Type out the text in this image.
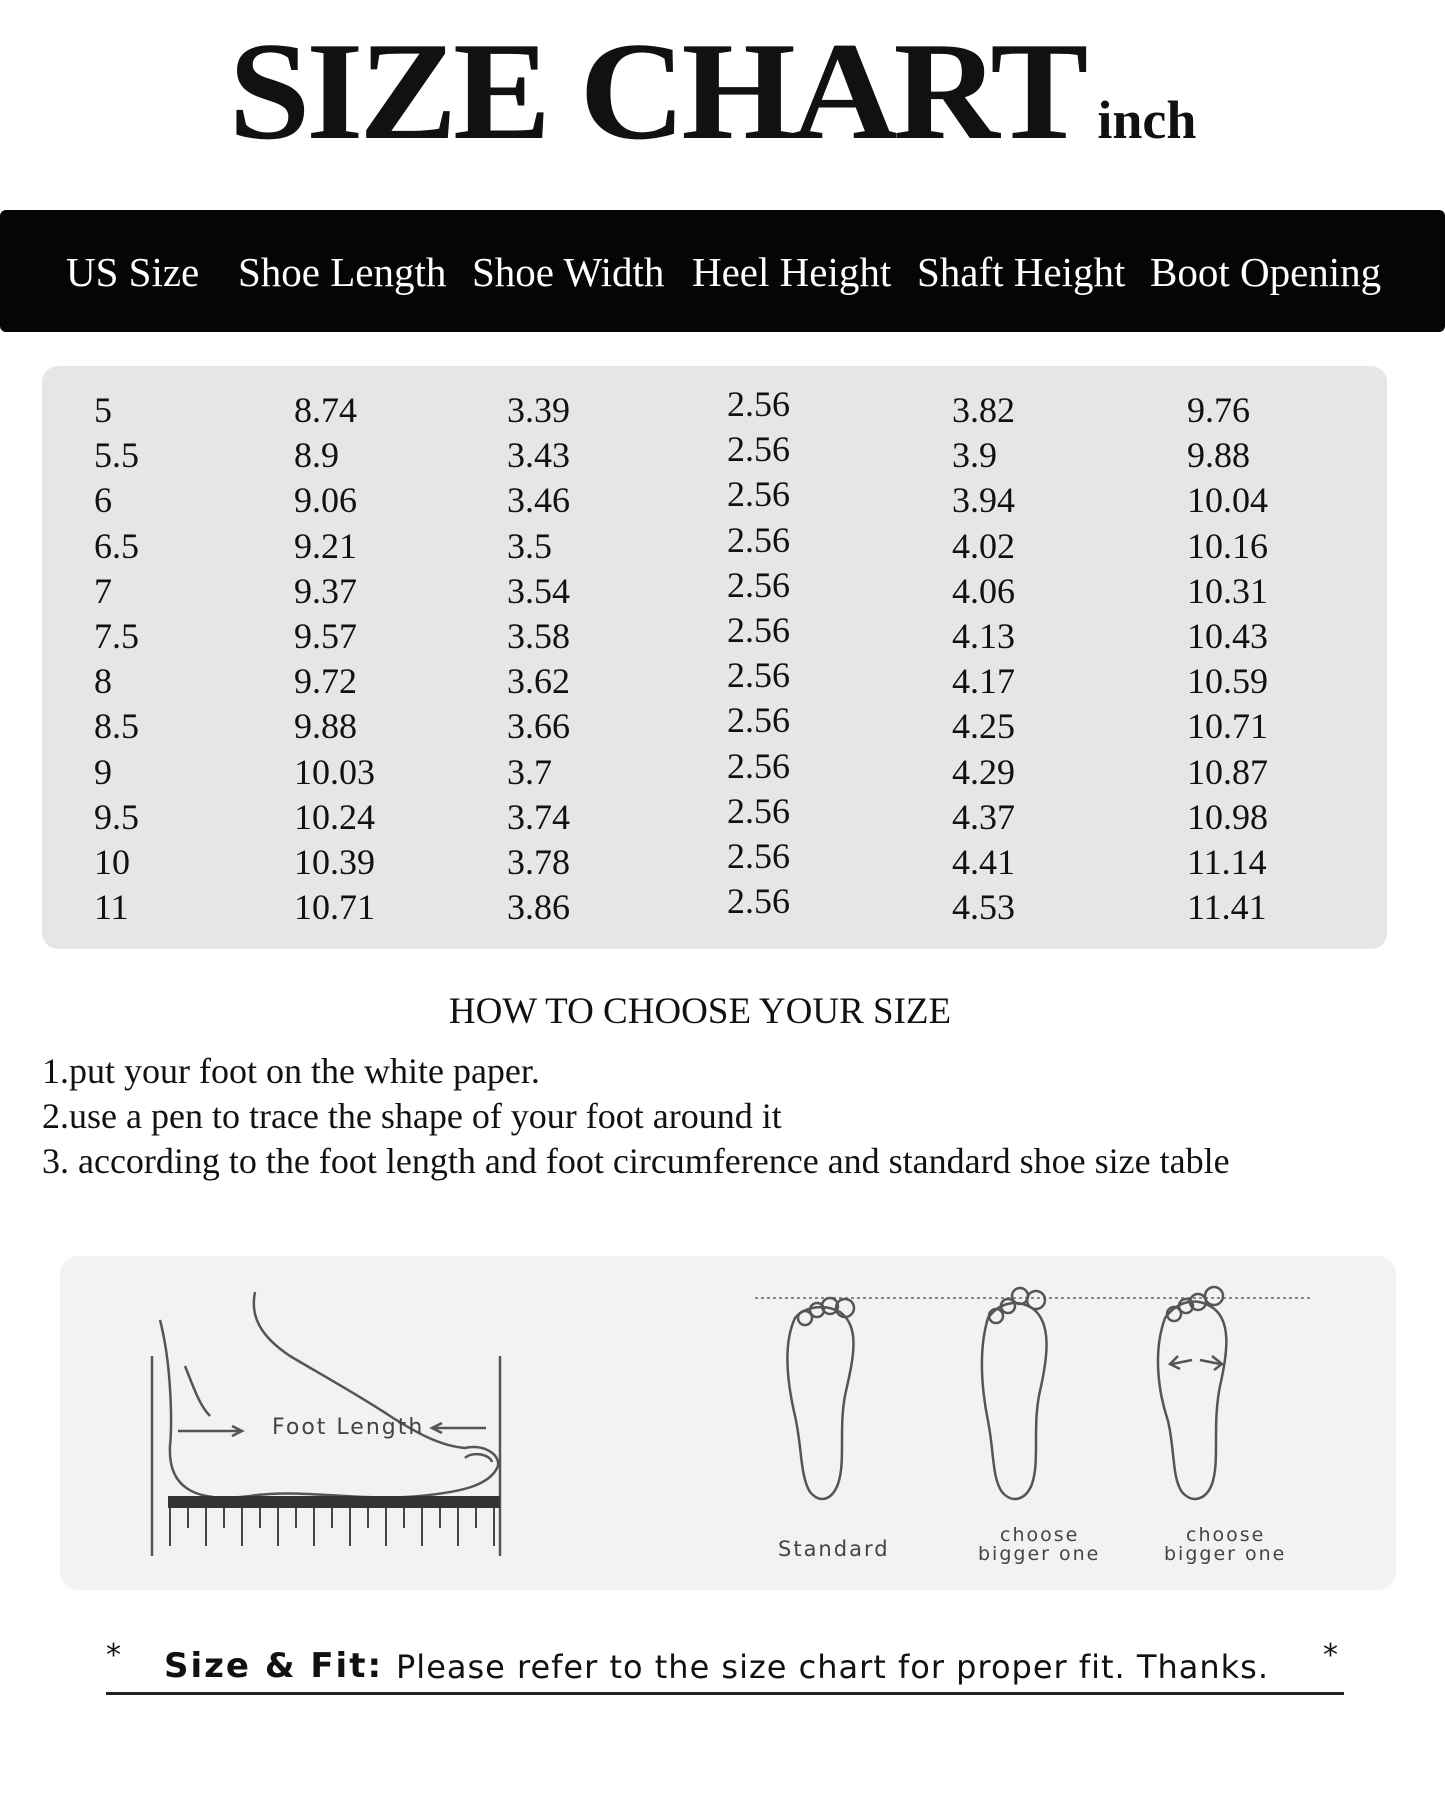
SIZE CHART inch
US Size Shoe Length Shoe Width Heel Height Shaft Height Boot Opening
5	8.74	3.39	2.56	3.82	9.76
5.5	8.9	3.43	2.56	3.9	9.88
6	9.06	3.46	2.56	3.94	10.04
6.5	9.21	3.5	2.56	4.02	10.16
7	9.37	3.54	2.56	4.06	10.31
7.5	9.57	3.58	2.56	4.13	10.43
8	9.72	3.62	2.56	4.17	10.59
8.5	9.88	3.66	2.56	4.25	10.71
9	10.03	3.7	2.56	4.29	10.87
9.5	10.24	3.74	2.56	4.37	10.98
10	10.39	3.78	2.56	4.41	11.14
11	10.71	3.86	2.56	4.53	11.41
HOW TO CHOOSE YOUR SIZE
1.put your foot on the white paper.
2.use a pen to trace the shape of your foot around it
3. according to the foot length and foot circumference and standard shoe size table
Foot Length
Standard
choose
bigger one
choose
bigger one
* Size & Fit: Please refer to the size chart for proper fit. Thanks. *
